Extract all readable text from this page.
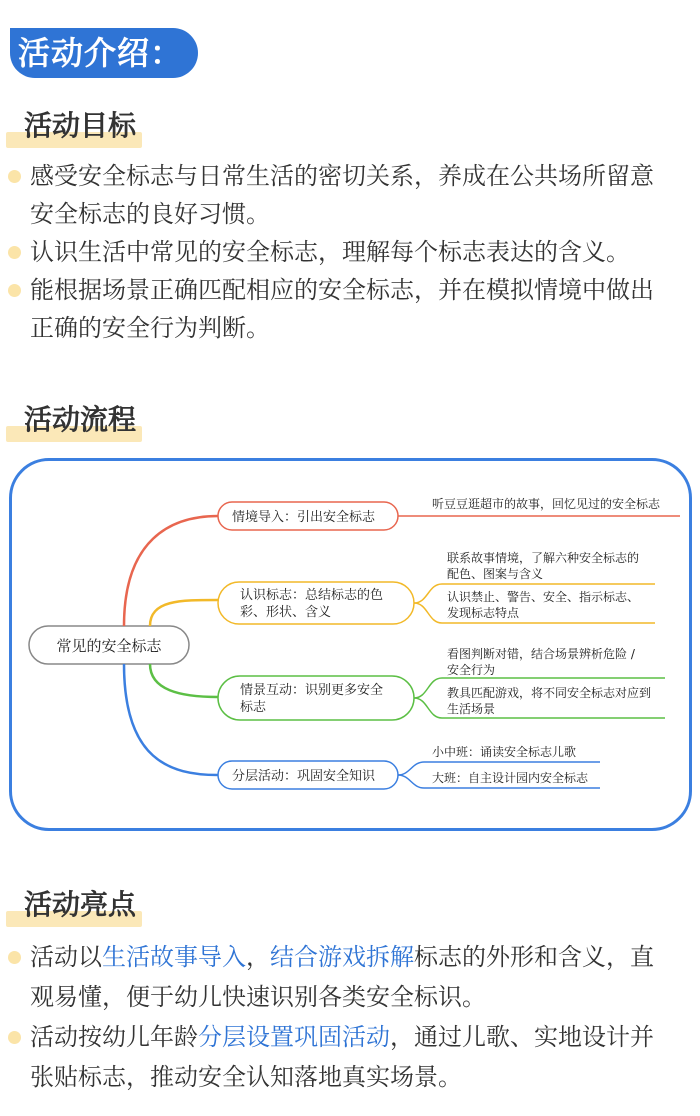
活动介绍：
活动目标
感受安全标志与日常生活的密切关系，养成在公共场所留意
安全标志的良好习惯。
认识生活中常见的安全标志，理解每个标志表达的含义。
能根据场景正确匹配相应的安全标志，并在模拟情境中做出
正确的安全行为判断。
活动流程
常见的安全标志
情境导入：引出安全标志
听豆豆逛超市的故事，回忆见过的安全标志
认识标志：总结标志的色
彩、形状、含义
联系故事情境，了解六种安全标志的
配色、图案与含义
认识禁止、警告、安全、指示标志、
发现标志特点
情景互动：识别更多安全
标志
看图判断对错，结合场景辨析危险 /
安全行为
教具匹配游戏，将不同安全标志对应到
生活场景
分层活动：巩固安全知识
小中班：诵读安全标志儿歌
大班：自主设计园内安全标志
活动亮点
活动以生活故事导入，结合游戏拆解标志的外形和含义，直
观易懂，便于幼儿快速识别各类安全标识。
活动按幼儿年龄分层设置巩固活动，通过儿歌、实地设计并
张贴标志，推动安全认知落地真实场景。
